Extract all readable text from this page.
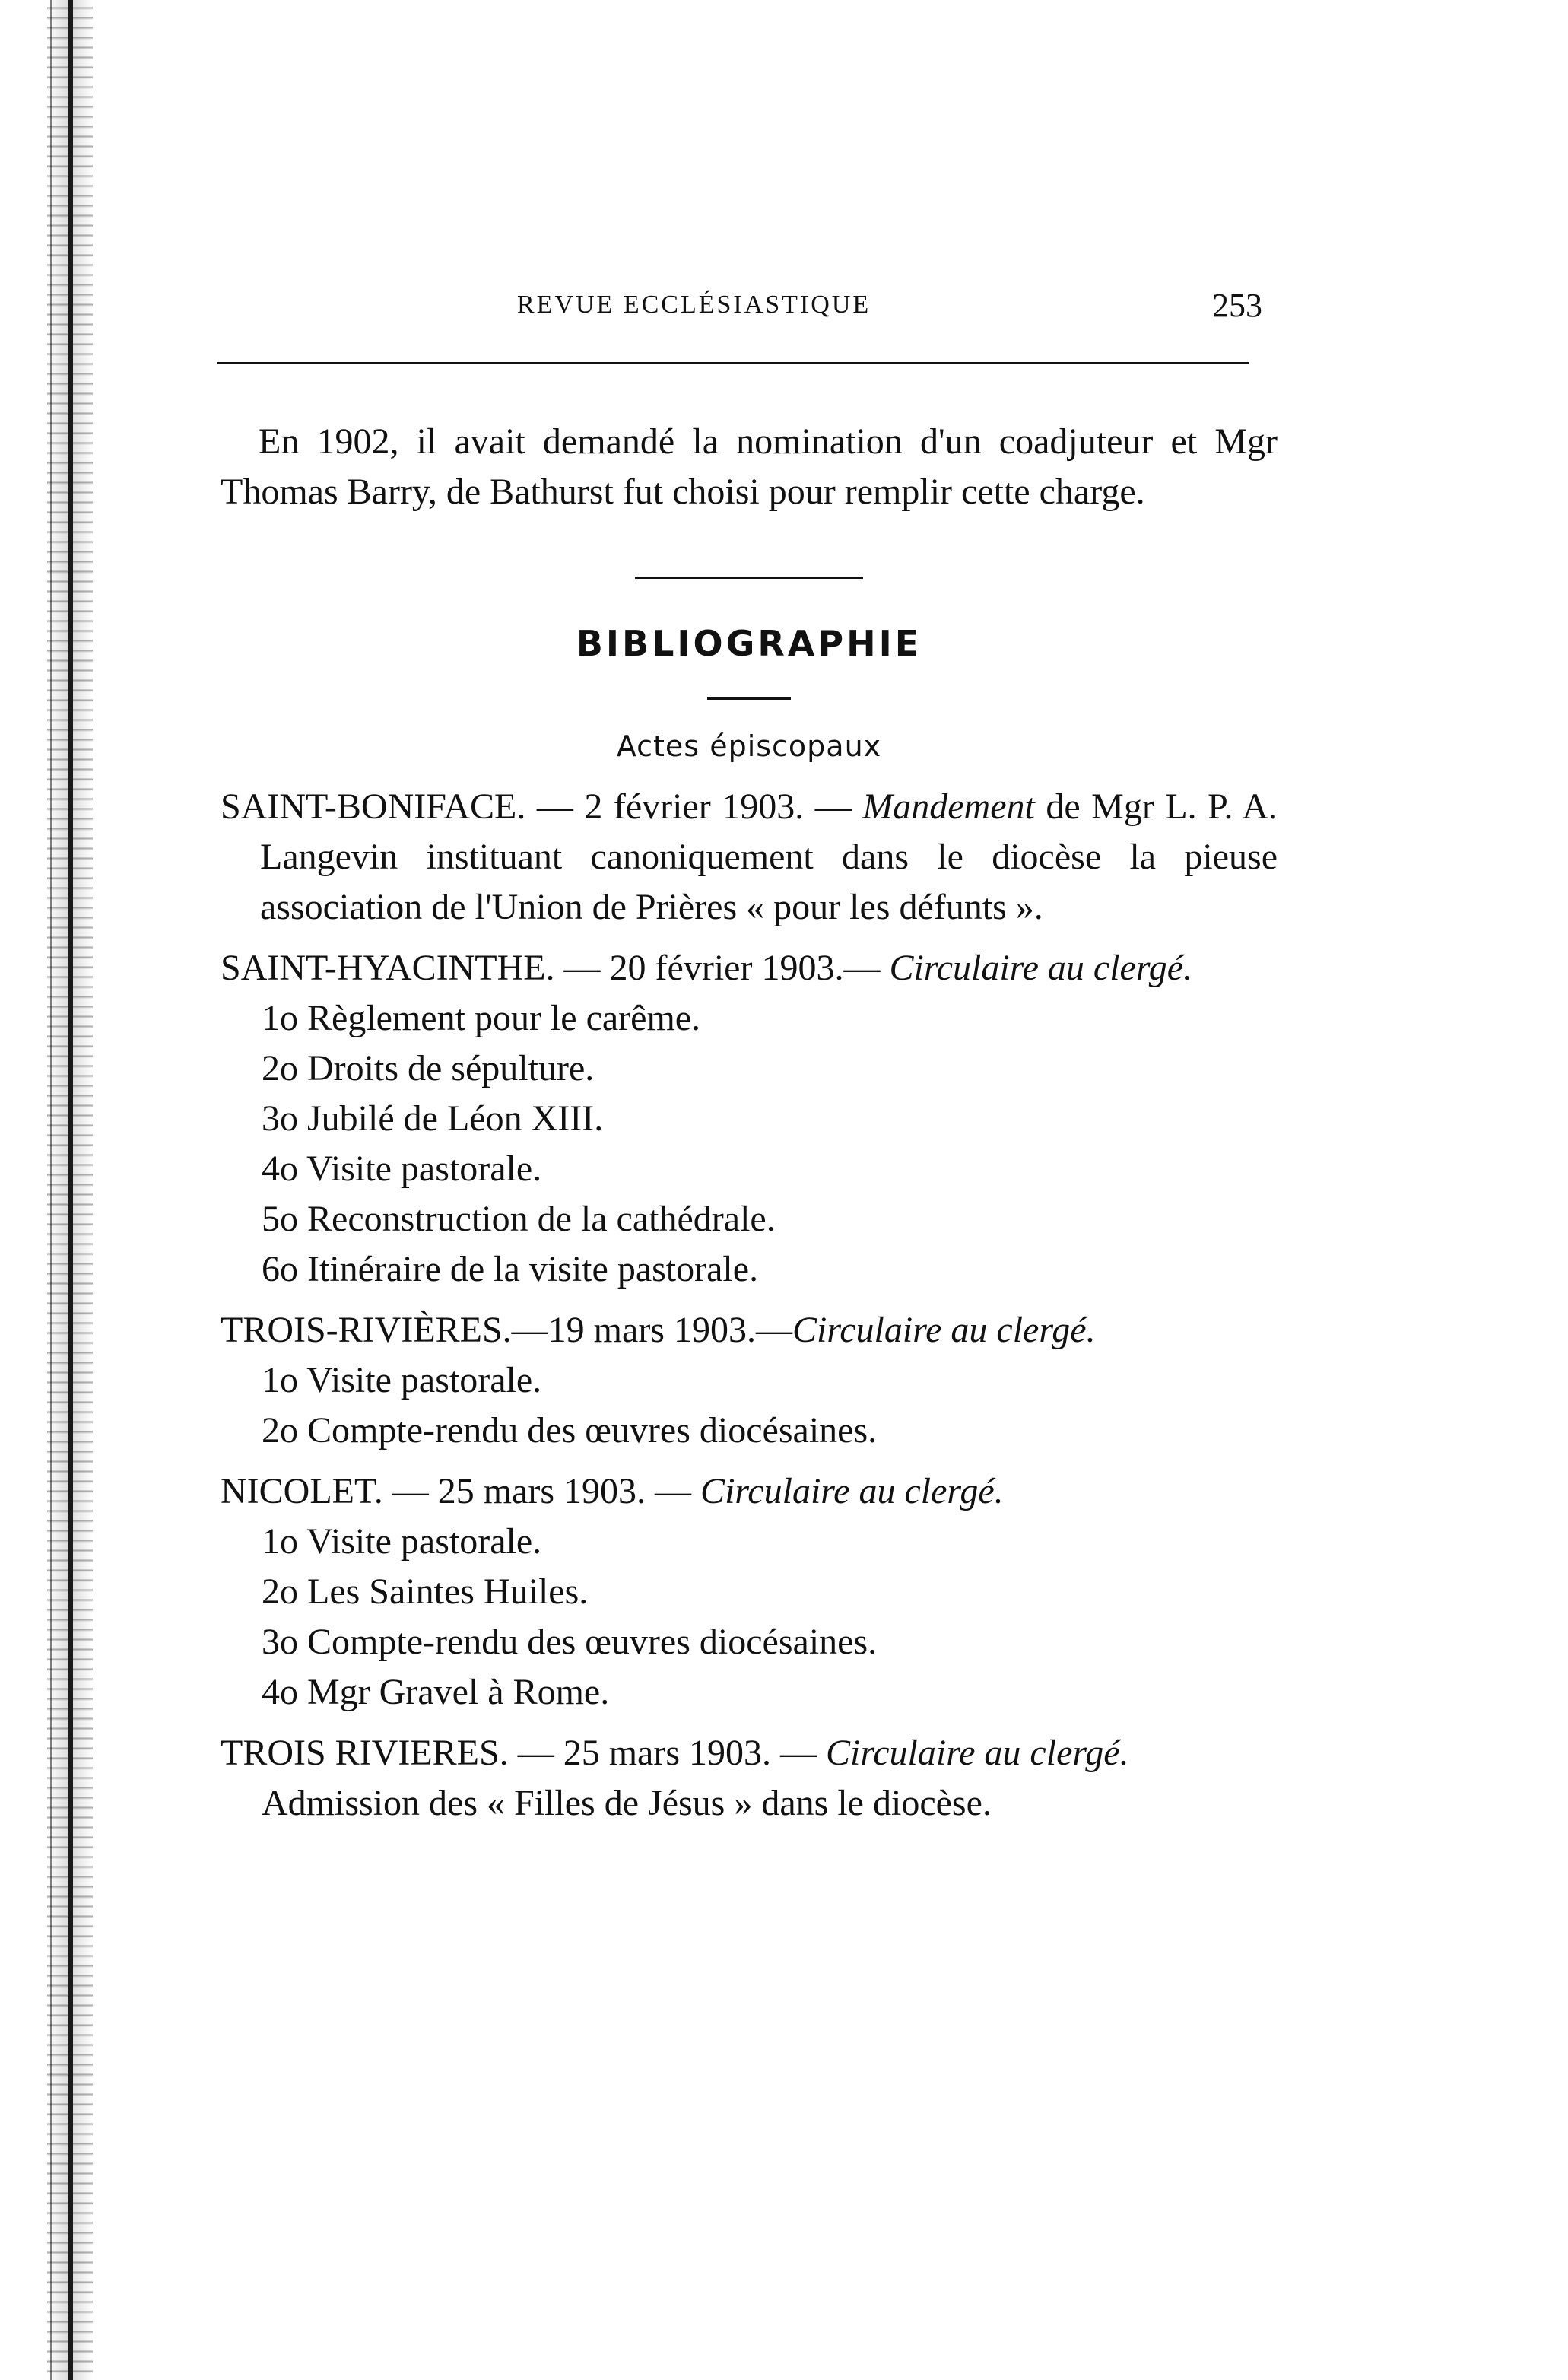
REVUE ECCLÉSIASTIQUE	253

En 1902, il avait demandé la nomination d'un coadjuteur et Mgr Thomas Barry, de Bathurst fut choisi pour remplir cette charge.

BIBLIOGRAPHIE
Actes épiscopaux
SAINT-BONIFACE. — 2 février 1903. — Mandement de Mgr L. P. A. Langevin instituant canoniquement dans le diocèse la pieuse association de l'Union de Prières « pour les défunts ».
SAINT-HYACINTHE. — 20 février 1903.— Circulaire au clergé.
1o Règlement pour le carême.
2o Droits de sépulture.
3o Jubilé de Léon XIII.
4o Visite pastorale.
5o Reconstruction de la cathédrale.
6o Itinéraire de la visite pastorale.
TROIS-RIVIÈRES.—19 mars 1903.—Circulaire au clergé.
1o Visite pastorale.
2o Compte-rendu des œuvres diocésaines.
NICOLET. — 25 mars 1903. — Circulaire au clergé.
1o Visite pastorale.
2o Les Saintes Huiles.
3o Compte-rendu des œuvres diocésaines.
4o Mgr Gravel à Rome.
TROIS RIVIERES. — 25 mars 1903. — Circulaire au clergé.
Admission des « Filles de Jésus » dans le diocèse.
